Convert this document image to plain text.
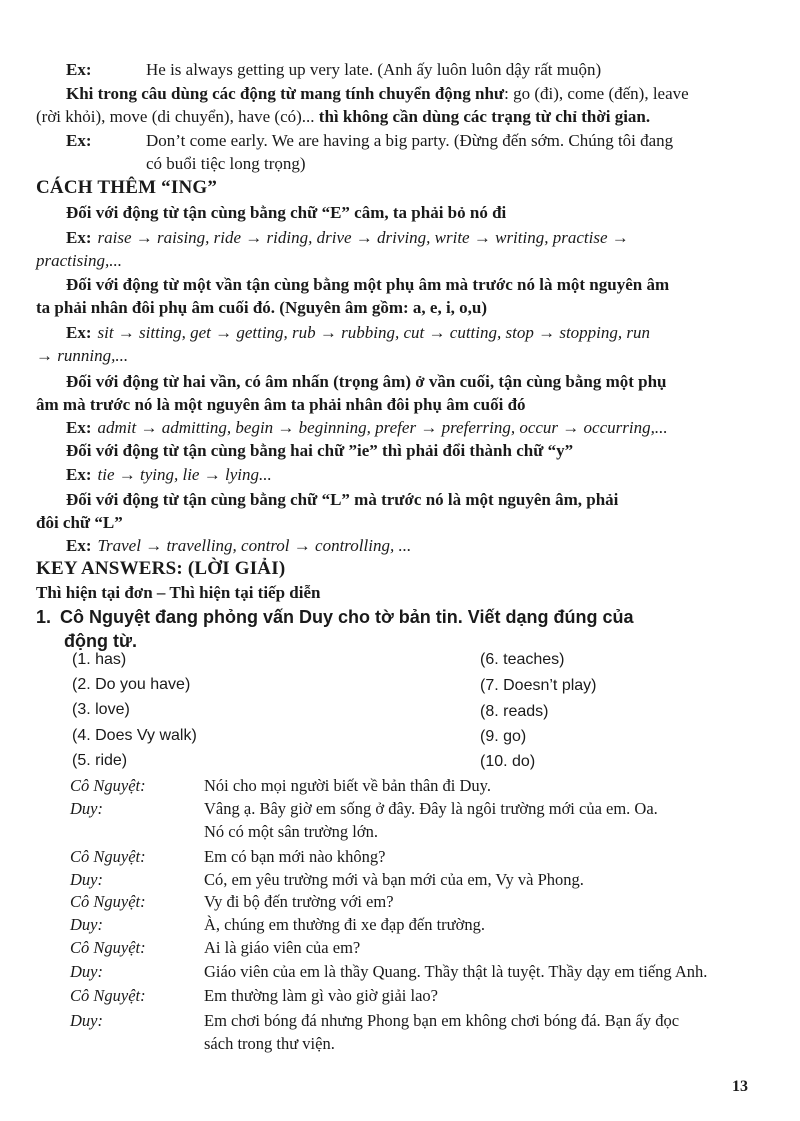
Ex:	He is always getting up very late. (Anh ấy luôn luôn dậy rất muộn)
Khi trong câu dùng các động từ mang tính chuyển động như: go (đi), come (đến), leave
(rời khỏi), move (di chuyển), have (có)... thì không cần dùng các trạng từ chỉ thời gian.
Ex:	Don’t come early. We are having a big party. (Đừng đến sớm. Chúng tôi đang
có buổi tiệc long trọng)
CÁCH THÊM “ING”
Đối với động từ tận cùng bằng chữ “E” câm, ta phải bỏ nó đi
Ex: raise → raising, ride → riding, drive → driving, write → writing, practise →
practising,...
Đối với động từ một vần tận cùng bằng một phụ âm mà trước nó là một nguyên âm
ta phải nhân đôi phụ âm cuối đó. (Nguyên âm gồm: a, e, i, o,u)
Ex: sit → sitting, get → getting, rub → rubbing, cut → cutting, stop → stopping, run
→ running,...
Đối với động từ hai vần, có âm nhấn (trọng âm) ở vần cuối, tận cùng bằng một phụ
âm mà trước nó là một nguyên âm ta phải nhân đôi phụ âm cuối đó
Ex: admit → admitting, begin → beginning, prefer → preferring, occur → occurring,...
Đối với động từ tận cùng bằng hai chữ ”ie” thì phải đổi thành chữ “y”
Ex: tie → tying, lie → lying...
Đối với động từ tận cùng bằng chữ “L” mà trước nó là một nguyên âm, phải
đôi chữ “L”
Ex: Travel → travelling, control → controlling, ...
KEY ANSWERS: (LỜI GIẢI)
Thì hiện tại đơn – Thì hiện tại tiếp diễn
1. Cô Nguyệt đang phỏng vấn Duy cho tờ bản tin. Viết dạng đúng của
động từ.
(1. has)
(2. Do you have)
(3. love)
(4. Does Vy walk)
(5. ride)
(6. teaches)
(7. Doesn’t play)
(8. reads)
(9. go)
(10. do)
Cô Nguyệt:	Nói cho mọi người biết về bản thân đi Duy.
Duy:	Vâng ạ. Bây giờ em sống ở đây. Đây là ngôi trường mới của em. Oa.
Nó có một sân trường lớn.
Cô Nguyệt:	Em có bạn mới nào không?
Duy:	Có, em yêu trường mới và bạn mới của em, Vy và Phong.
Cô Nguyệt:	Vy đi bộ đến trường với em?
Duy:	À, chúng em thường đi xe đạp đến trường.
Cô Nguyệt:	Ai là giáo viên của em?
Duy:	Giáo viên của em là thầy Quang. Thầy thật là tuyệt. Thầy dạy em tiếng Anh.
Cô Nguyệt:	Em thường làm gì vào giờ giải lao?
Duy:	Em chơi bóng đá nhưng Phong bạn em không chơi bóng đá. Bạn ấy đọc
sách trong thư viện.
13
